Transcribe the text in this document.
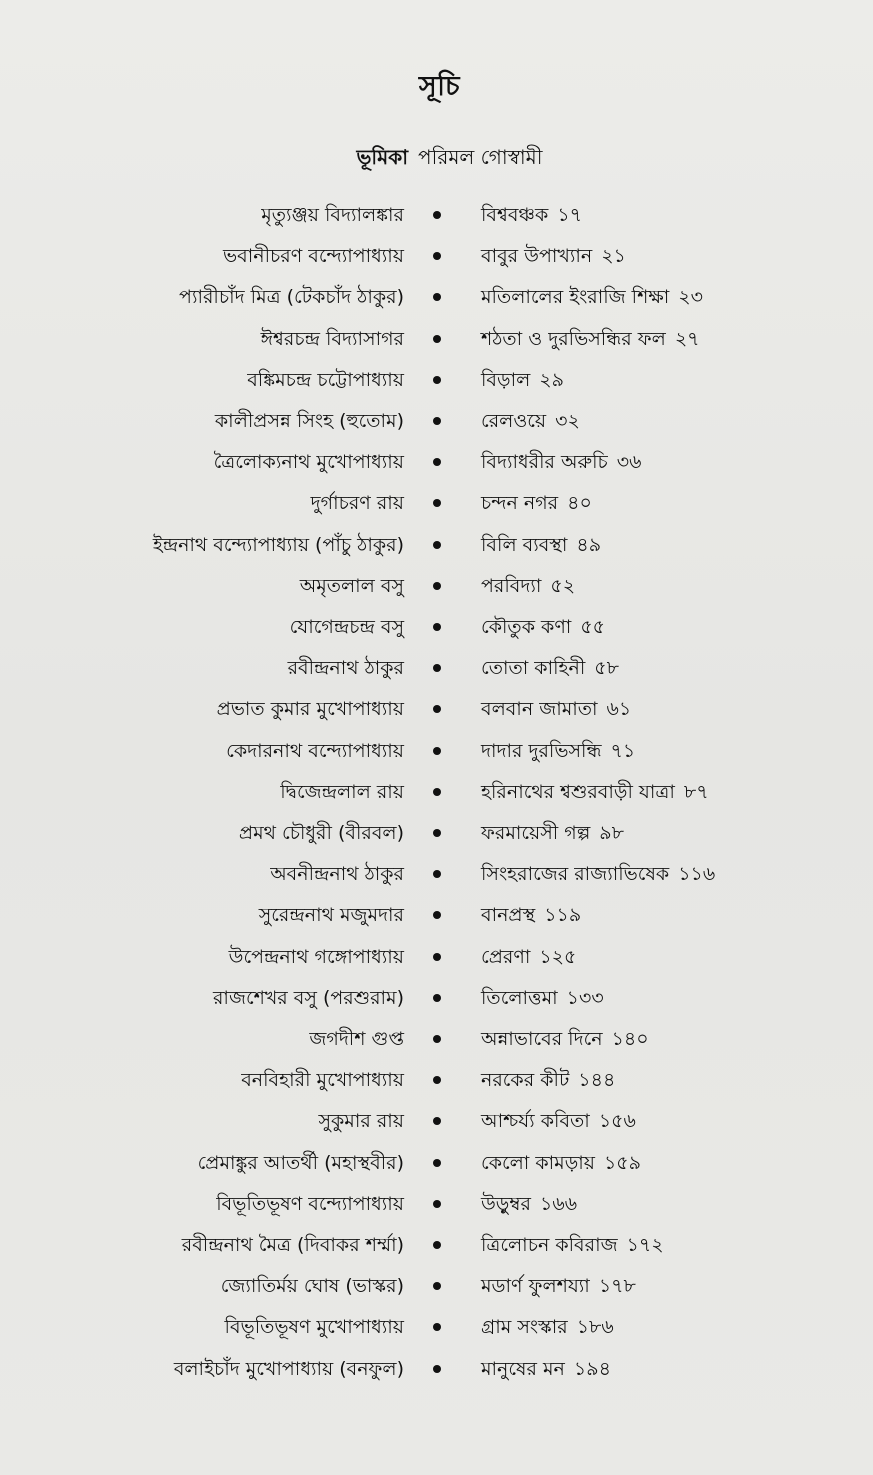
সূচি
ভূমিকা পরিমল গোস্বামী
মৃত্যুঞ্জয় বিদ্যালঙ্কার	বিশ্ববঞ্চক ১৭
ভবানীচরণ বন্দ্যোপাধ্যায়	বাবুর উপাখ্যান ২১
প্যারীচাঁদ মিত্র (টেকচাঁদ ঠাকুর)	মতিলালের ইংরাজি শিক্ষা ২৩
ঈশ্বরচন্দ্র বিদ্যাসাগর	শঠতা ও দুরভিসন্ধির ফল ২৭
বঙ্কিমচন্দ্র চট্টোপাধ্যায়	বিড়াল ২৯
কালীপ্রসন্ন সিংহ (হুতোম)	রেলওয়ে ৩২
ত্রৈলোক্যনাথ মুখোপাধ্যায়	বিদ্যাধরীর অরুচি ৩৬
দুর্গাচরণ রায়	চন্দন নগর ৪০
ইন্দ্রনাথ বন্দ্যোপাধ্যায় (পাঁচু ঠাকুর)	বিলি ব্যবস্থা ৪৯
অমৃতলাল বসু	পরবিদ্যা ৫২
যোগেন্দ্রচন্দ্র বসু	কৌতুক কণা ৫৫
রবীন্দ্রনাথ ঠাকুর	তোতা কাহিনী ৫৮
প্রভাত কুমার মুখোপাধ্যায়	বলবান জামাতা ৬১
কেদারনাথ বন্দ্যোপাধ্যায়	দাদার দুরভিসন্ধি ৭১
দ্বিজেন্দ্রলাল রায়	হরিনাথের শ্বশুরবাড়ী যাত্রা ৮৭
প্রমথ চৌধুরী (বীরবল)	ফরমায়েসী গল্প ৯৮
অবনীন্দ্রনাথ ঠাকুর	সিংহরাজের রাজ্যাভিষেক ১১৬
সুরেন্দ্রনাথ মজুমদার	বানপ্রস্থ ১১৯
উপেন্দ্রনাথ গঙ্গোপাধ্যায়	প্রেরণা ১২৫
রাজশেখর বসু (পরশুরাম)	তিলোত্তমা ১৩৩
জগদীশ গুপ্ত	অন্নাভাবের দিনে ১৪০
বনবিহারী মুখোপাধ্যায়	নরকের কীট ১৪৪
সুকুমার রায়	আশ্চর্য্য কবিতা ১৫৬
প্রেমাঙ্কুর আতর্থী (মহাস্থবীর)	কেলো কামড়ায় ১৫৯
বিভূতিভূষণ বন্দ্যোপাধ্যায়	উড়ুম্বর ১৬৬
রবীন্দ্রনাথ মৈত্র (দিবাকর শর্ম্মা)	ত্রিলোচন কবিরাজ ১৭২
জ্যোতির্ময় ঘোষ (ভাস্কর)	মডার্ণ ফুলশয্যা ১৭৮
বিভূতিভূষণ মুখোপাধ্যায়	গ্রাম সংস্কার ১৮৬
বলাইচাঁদ মুখোপাধ্যায় (বনফুল)	মানুষের মন ১৯৪
